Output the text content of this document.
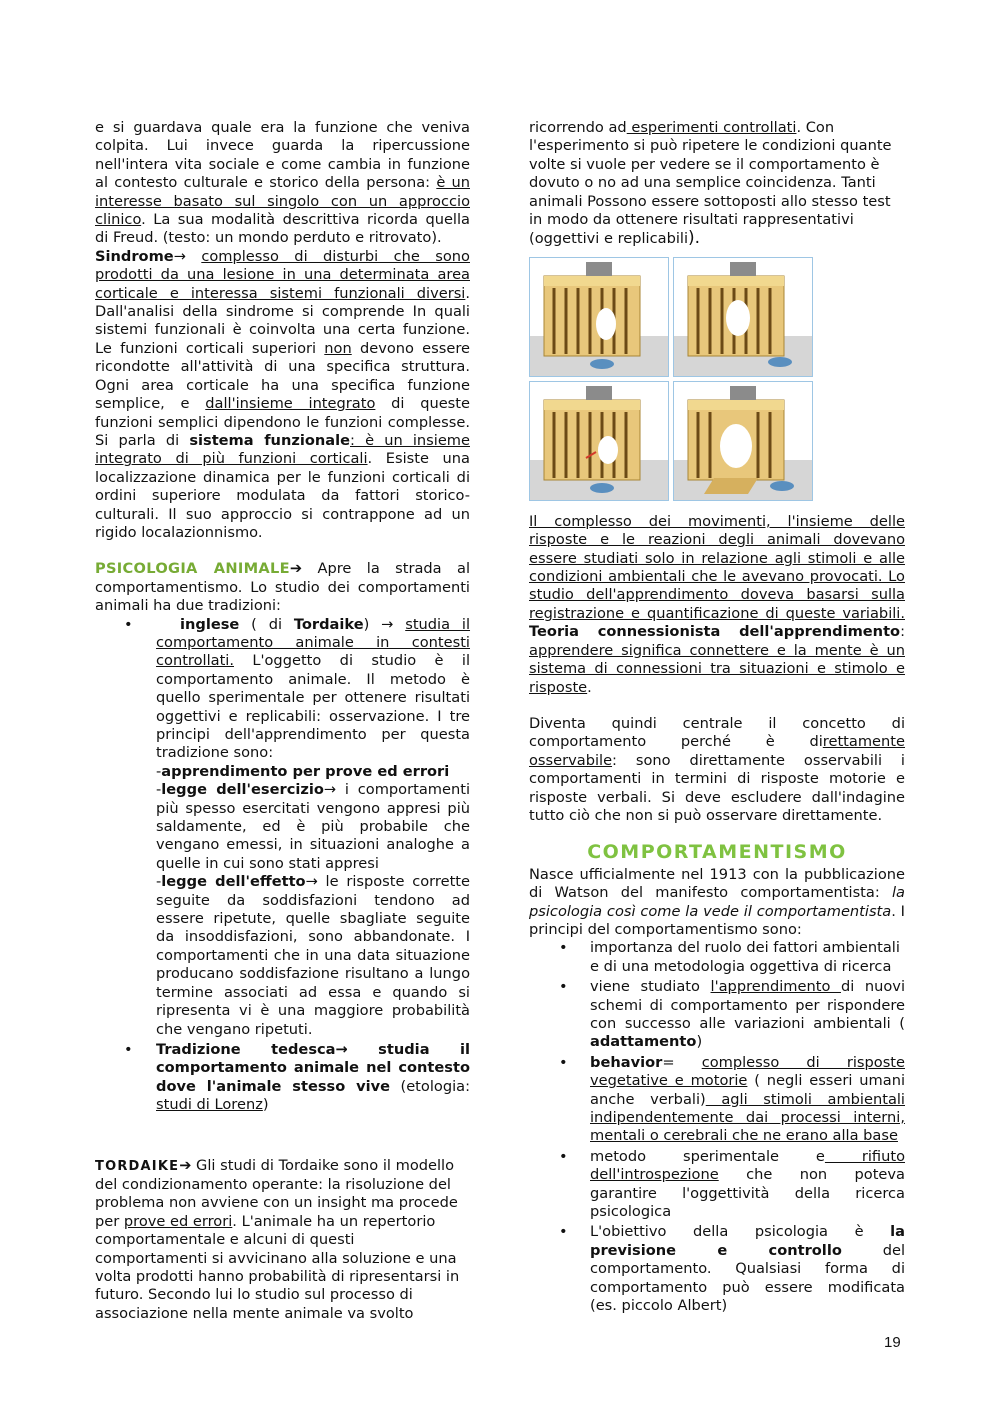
e si guardava quale era la funzione che veniva colpita. Lui invece guarda la ripercussione nell'intera vita sociale e come cambia in funzione al contesto culturale e storico della persona: è un interesse basato sul singolo con un approccio clinico. La sua modalità descrittiva ricorda quella di Freud. (testo: un mondo perduto e ritrovato).

Sindrome→ complesso di disturbi che sono prodotti da una lesione in una determinata area corticale e interessa sistemi funzionali diversi. Dall'analisi della sindrome si comprende In quali sistemi funzionali è coinvolta una certa funzione. Le funzioni corticali superiori non devono essere ricondotte all'attività di una specifica struttura. Ogni area corticale ha una specifica funzione semplice, e dall'insieme integrato di queste funzioni semplici dipendono le funzioni complesse. Si parla di sistema funzionale: è un insieme integrato di più funzioni corticali. Esiste una localizzazione dinamica per le funzioni corticali di ordini superiore modulata da fattori storico-culturali. Il suo approccio si contrappone ad un rigido localazionnismo.

PSICOLOGIA ANIMALE➔ Apre la strada al comportamentismo. Lo studio dei comportamenti animali ha due tradizioni:

•	inglese ( di Tordaike) → studia il comportamento animale in contesti controllati. L'oggetto di studio è il comportamento animale. Il metodo è quello sperimentale per ottenere risultati oggettivi e replicabili: osservazione. I tre principi dell'apprendimento per questa tradizione sono:

-apprendimento per prove ed errori

-legge dell'esercizio→ i comportamenti più spesso esercitati vengono appresi più saldamente, ed è più probabile che vengano emessi, in situazioni analoghe a quelle in cui sono stati appresi

-legge dell'effetto→ le risposte corrette seguite da soddisfazioni tendono ad essere ripetute, quelle sbagliate seguite da insoddisfazioni, sono abbandonate. I comportamenti che in una data situazione producano soddisfazione risultano a lungo termine associati ad essa e quando si ripresenta vi è una maggiore probabilità che vengano ripetuti.

• Tradizione tedesca→ studia il comportamento animale nel contesto dove l'animale stesso vive (etologia: studi di Lorenz)

TORDAIKE➔ Gli studi di Tordaike sono il modello del condizionamento operante: la risoluzione del problema non avviene con un insight ma procede per prove ed errori. L'animale ha un repertorio comportamentale e alcuni di questi comportamenti si avvicinano alla soluzione e una volta prodotti hanno probabilità di ripresentarsi in futuro. Secondo lui lo studio sul processo di associazione nella mente animale va svolto

ricorrendo ad esperimenti controllati. Con l'esperimento si può ripetere le condizioni quante volte si vuole per vedere se il comportamento è dovuto o no ad una semplice coincidenza. Tanti animali Possono essere sottoposti allo stesso test in modo da ottenere risultati rappresentativi (oggettivi e replicabili).

Il complesso dei movimenti, l'insieme delle risposte e le reazioni degli animali dovevano essere studiati solo in relazione agli stimoli e alle condizioni ambientali che le avevano provocati. Lo studio dell'apprendimento doveva basarsi sulla registrazione e quantificazione di queste variabili. Teoria connessionista dell'apprendimento: apprendere significa connettere e la mente è un sistema di connessioni tra situazioni e stimolo e risposte.

Diventa quindi centrale il concetto di comportamento perché è direttamente osservabile: sono direttamente osservabili i comportamenti in termini di risposte motorie e risposte verbali. Si deve escludere dall'indagine tutto ciò che non si può osservare direttamente.

COMPORTAMENTISMO

Nasce ufficialmente nel 1913 con la pubblicazione di Watson del manifesto comportamentista: la psicologia così come la vede il comportamentista. I principi del comportamentismo sono:

• importanza del ruolo dei fattori ambientali e di una metodologia oggettiva di ricerca

• viene studiato l'apprendimento di nuovi schemi di comportamento per rispondere con successo alle variazioni ambientali ( adattamento)

• behavior= complesso di risposte vegetative e motorie ( negli esseri umani anche verbali) agli stimoli ambientali indipendentemente dai processi interni, mentali o cerebrali che ne erano alla base

• metodo sperimentale e rifiuto dell'introspezione che non poteva garantire l'oggettività della ricerca psicologica

• L'obiettivo della psicologia è la previsione e controllo del comportamento. Qualsiasi forma di comportamento può essere modificata (es. piccolo Albert)

19
